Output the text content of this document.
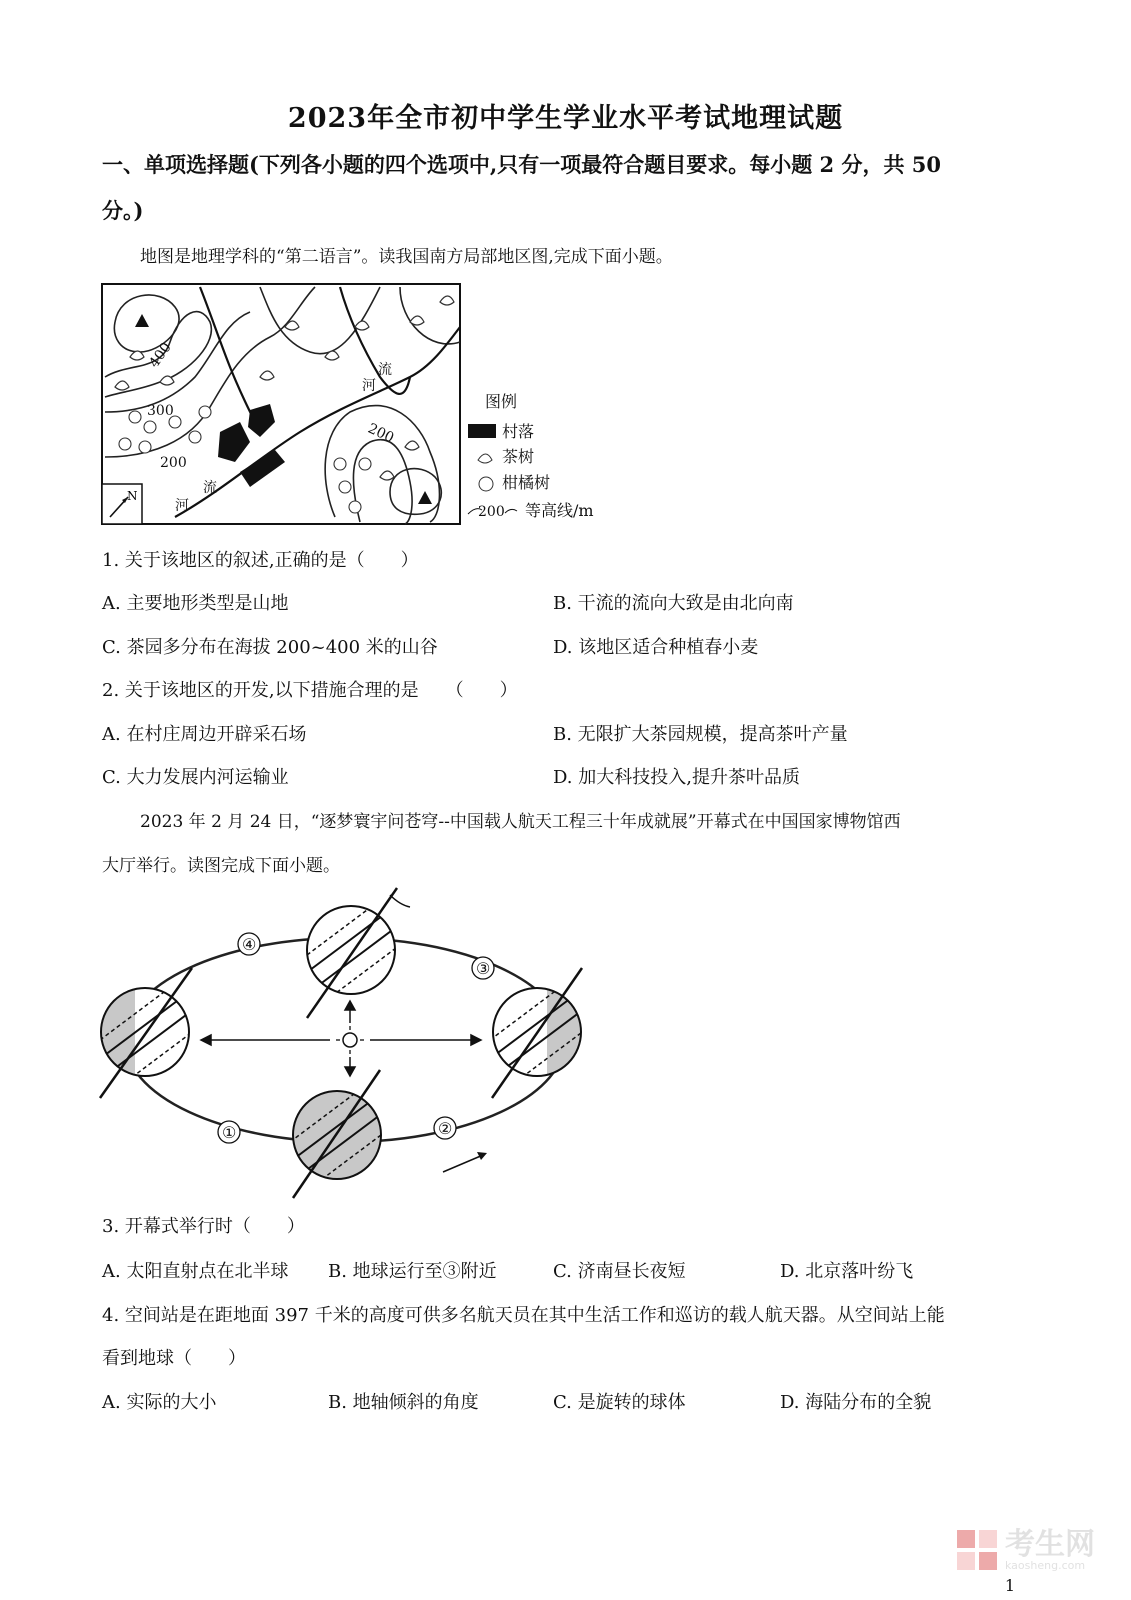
2023年全市初中学生学业水平考试地理试题
一、单项选择题(下列各小题的四个选项中,只有一项最符合题目要求。每小题 2 分，共 50
分。)
地图是地理学科的“第二语言”。读我国南方局部地区图,完成下面小题。
400
300
200
200
河
流
河
流
N
图例
村落
茶树
柑橘树
200 等高线/m
1. 关于该地区的叙述,正确的是（　　）
A. 主要地形类型是山地	B. 干流的流向大致是由北向南
C. 茶园多分布在海拔 200~400 米的山谷	D. 该地区适合种植春小麦
2. 关于该地区的开发,以下措施合理的是　　（　　）
A. 在村庄周边开辟采石场	B. 无限扩大茶园规模，提高茶叶产量
C. 大力发展内河运输业	D. 加大科技投入,提升茶叶品质
2023 年 2 月 24 日，“逐梦寰宇问苍穹--中国载人航天工程三十年成就展”开幕式在中国国家博物馆西
大厅举行。读图完成下面小题。
④
③
①	②
3. 开幕式举行时（　　）
A. 太阳直射点在北半球 B. 地球运行至③附近	C. 济南昼长夜短	D. 北京落叶纷飞
4. 空间站是在距地面 397 千米的高度可供多名航天员在其中生活工作和巡访的载人航天器。从空间站上能
看到地球（　　）
A. 实际的大小	B. 地轴倾斜的角度	C. 是旋转的球体	D. 海陆分布的全貌
考生网
kaosheng.com
1
